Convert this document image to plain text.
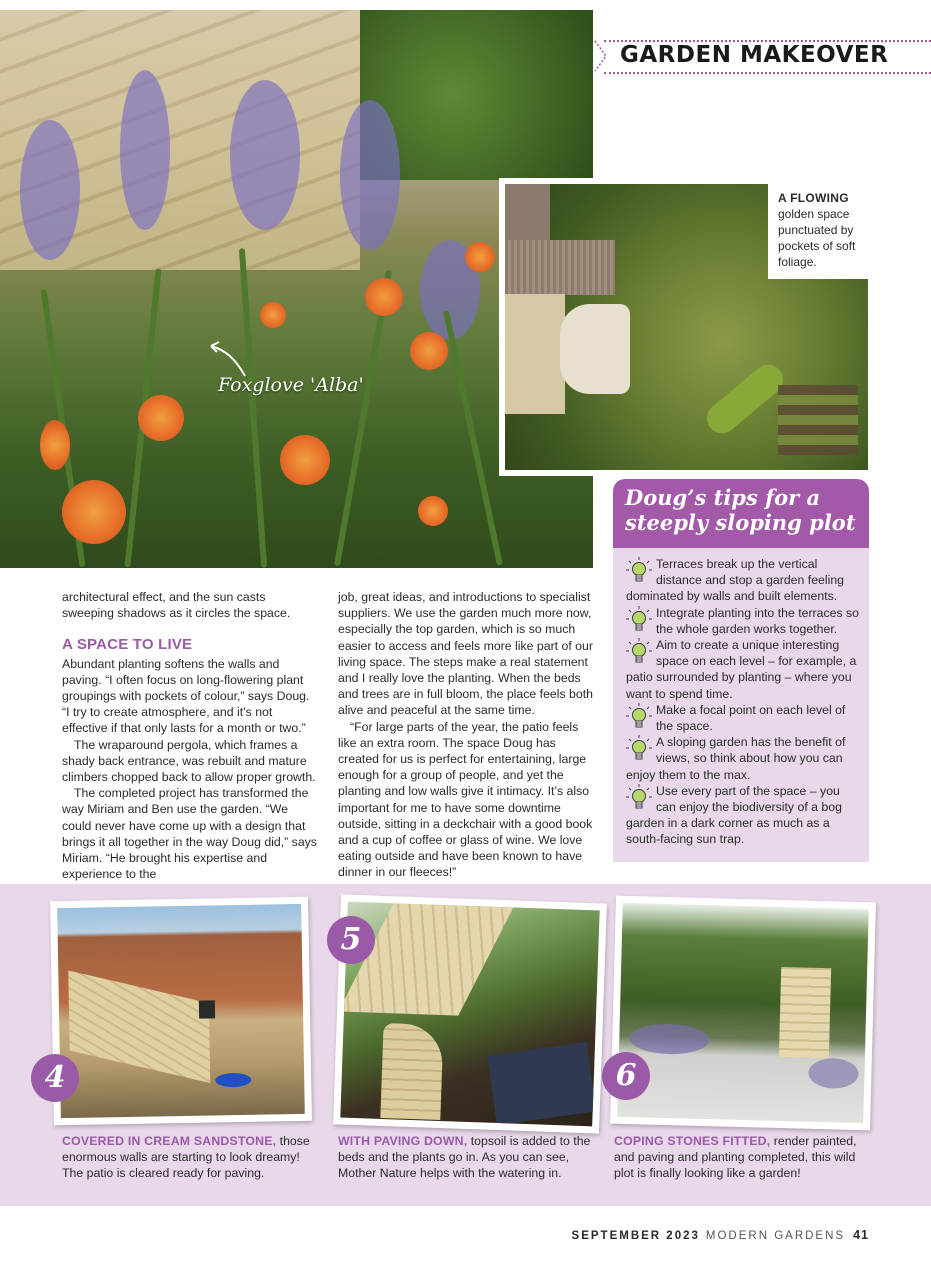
Foxglove 'Alba'
GARDEN MAKEOVER
A FLOWING golden space punctuated by pockets of soft foliage.

architectural effect, and the sun casts sweeping shadows as it circles the space.

A SPACE TO LIVE

Abundant planting softens the walls and paving. “I often focus on long-flowering plant groupings with pockets of colour,” says Doug. “I try to create atmosphere, and it’s not effective if that only lasts for a month or two.”

The wraparound pergola, which frames a shady back entrance, was rebuilt and mature climbers chopped back to allow proper growth.

The completed project has transformed the way Miriam and Ben use the garden. “We could never have come up with a design that brings it all together in the way Doug did,” says Miriam. “He brought his expertise and experience to the

job, great ideas, and introductions to specialist suppliers. We use the garden much more now, especially the top garden, which is so much easier to access and feels more like part of our living space. The steps make a real statement and I really love the planting. When the beds and trees are in full bloom, the place feels both alive and peaceful at the same time.

“For large parts of the year, the patio feels like an extra room. The space Doug has created for us is perfect for entertaining, large enough for a group of people, and yet the planting and low walls give it intimacy. It’s also important for me to have some downtime outside, sitting in a deckchair with a good book and a cup of coffee or glass of wine. We love eating outside and have been known to have dinner in our fleeces!”

Doug’s tips for a steeply sloping plot
Terraces break up the vertical distance and stop a garden feeling dominated by walls and built elements.
Integrate planting into the terraces so the whole garden works together.
Aim to create a unique interesting space on each level – for example, a patio surrounded by planting – where you want to spend time.
Make a focal point on each level of the space.
A sloping garden has the benefit of views, so think about how you can enjoy them to the max.
Use every part of the space – you can enjoy the biodiversity of a bog garden in a dark corner as much as a south-facing sun trap.
4
COVERED IN CREAM SANDSTONE, those enormous walls are starting to look dreamy! The patio is cleared ready for paving.
5
WITH PAVING DOWN, topsoil is added to the beds and the plants go in. As you can see, Mother Nature helps with the watering in.
6
COPING STONES FITTED, render painted, and paving and planting completed, this wild plot is finally looking like a garden!
SEPTEMBER 2023 MODERN GARDENS 41
